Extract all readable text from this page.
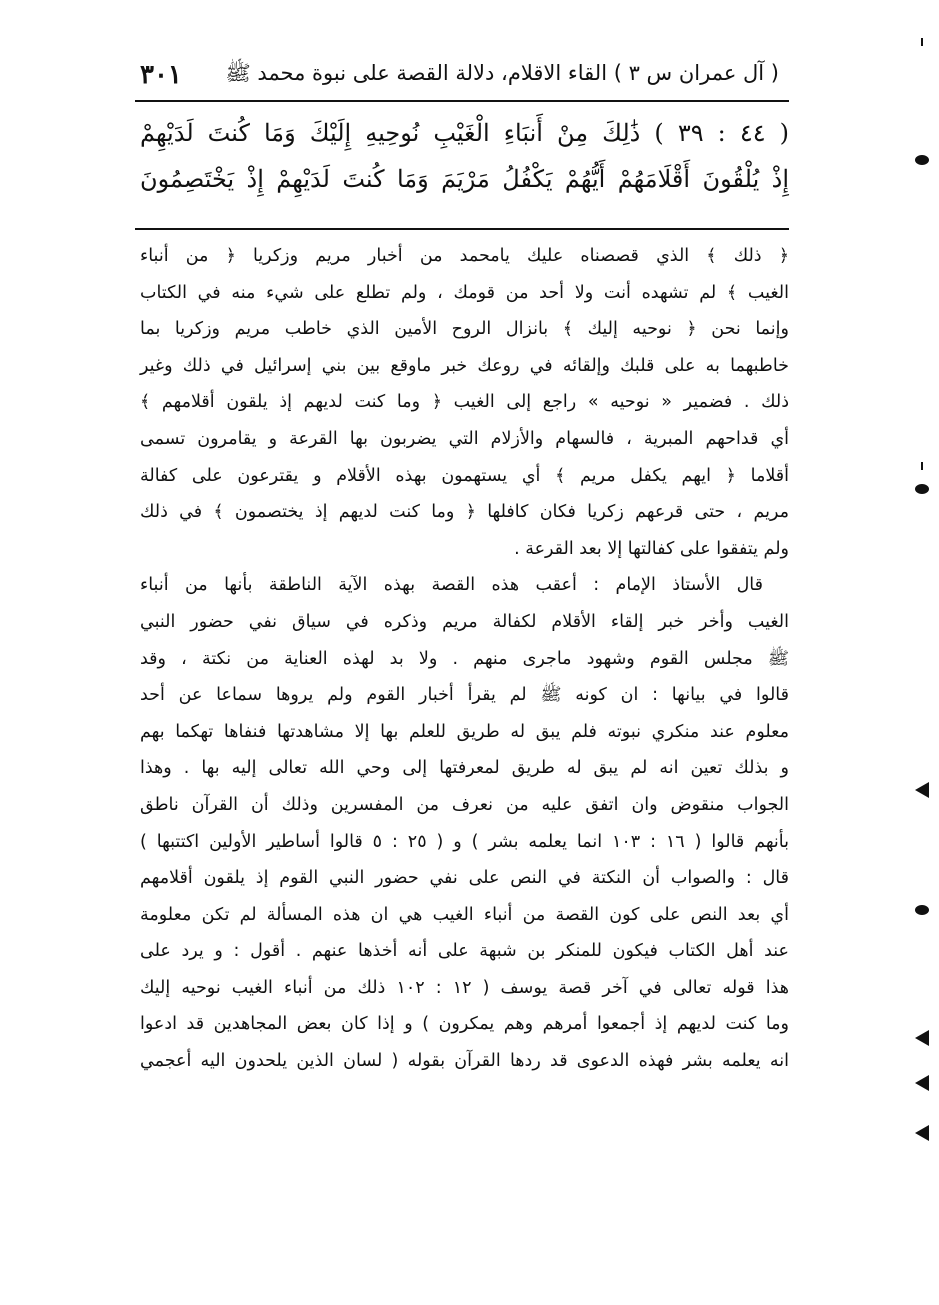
( آل عمران س ٣ ) القاء الاقلام، دلالة القصة على نبوة محمد ﷺ
٣٠١
( ٤٤ : ٣٩ ) ذَٰلِكَ مِنْ أَنبَاءِ الْغَيْبِ نُوحِيهِ إِلَيْكَ وَمَا كُنتَ لَدَيْهِمْ
إِذْ يُلْقُونَ أَقْلَامَهُمْ أَيُّهُمْ يَكْفُلُ مَرْيَمَ وَمَا كُنتَ لَدَيْهِمْ إِذْ يَخْتَصِمُونَ
﴿ ذلك ﴾ الذي قصصناه عليك يامحمد من أخبار مريم وزكريا ﴿ من أنباء
الغيب ﴾ لم تشهده أنت ولا أحد من قومك ، ولم تطلع على شيء منه في الكتاب
وإنما نحن ﴿ نوحيه إليك ﴾ بانزال الروح الأمين الذي خاطب مريم وزكريا بما
خاطبهما به على قلبك وإلقائه في روعك خبر ماوقع بين بني إسرائيل في ذلك وغير
ذلك . فضمير « نوحيه » راجع إلى الغيب ﴿ وما كنت لديهم إذ يلقون أقلامهم ﴾
أي قداحهم المبرية ، فالسهام والأزلام التي يضربون بها القرعة و يقامرون تسمى
أقلاما ﴿ ايهم يكفل مريم ﴾ أي يستهمون بهذه الأقلام و يقترعون على كفالة
مريم ، حتى قرعهم زكريا فكان كافلها ﴿ وما كنت لديهم إذ يختصمون ﴾ في ذلك
ولم يتفقوا على كفالتها إلا بعد القرعة .
قال الأستاذ الإمام : أعقب هذه القصة بهذه الآية الناطقة بأنها من أنباء
الغيب وأخر خبر إلقاء الأقلام لكفالة مريم وذكره في سياق نفي حضور النبي
ﷺ مجلس القوم وشهود ماجرى منهم . ولا بد لهذه العناية من نكتة ، وقد
قالوا في بيانها : ان كونه ﷺ لم يقرأ أخبار القوم ولم يروها سماعا عن أحد
معلوم عند منكري نبوته فلم يبق له طريق للعلم بها إلا مشاهدتها فنفاها تهكما بهم
و بذلك تعين انه لم يبق له طريق لمعرفتها إلى وحي الله تعالى إليه بها . وهذا
الجواب منقوض وان اتفق عليه من نعرف من المفسرين وذلك أن القرآن ناطق
بأنهم قالوا ( ١٦ : ١٠٣ انما يعلمه بشر ) و ( ٢٥ : ٥ قالوا أساطير الأولين اكتتبها )
قال : والصواب أن النكتة في النص على نفي حضور النبي القوم إذ يلقون أقلامهم
أي بعد النص على كون القصة من أنباء الغيب هي ان هذه المسألة لم تكن معلومة
عند أهل الكتاب فيكون للمنكر بن شبهة على أنه أخذها عنهم . أقول : و يرد على
هذا قوله تعالى في آخر قصة يوسف ( ١٢ : ١٠٢ ذلك من أنباء الغيب نوحيه إليك
وما كنت لديهم إذ أجمعوا أمرهم وهم يمكرون ) و إذا كان بعض المجاهدين قد ادعوا
انه يعلمه بشر فهذه الدعوى قد ردها القرآن بقوله ( لسان الذين يلحدون اليه أعجمي
